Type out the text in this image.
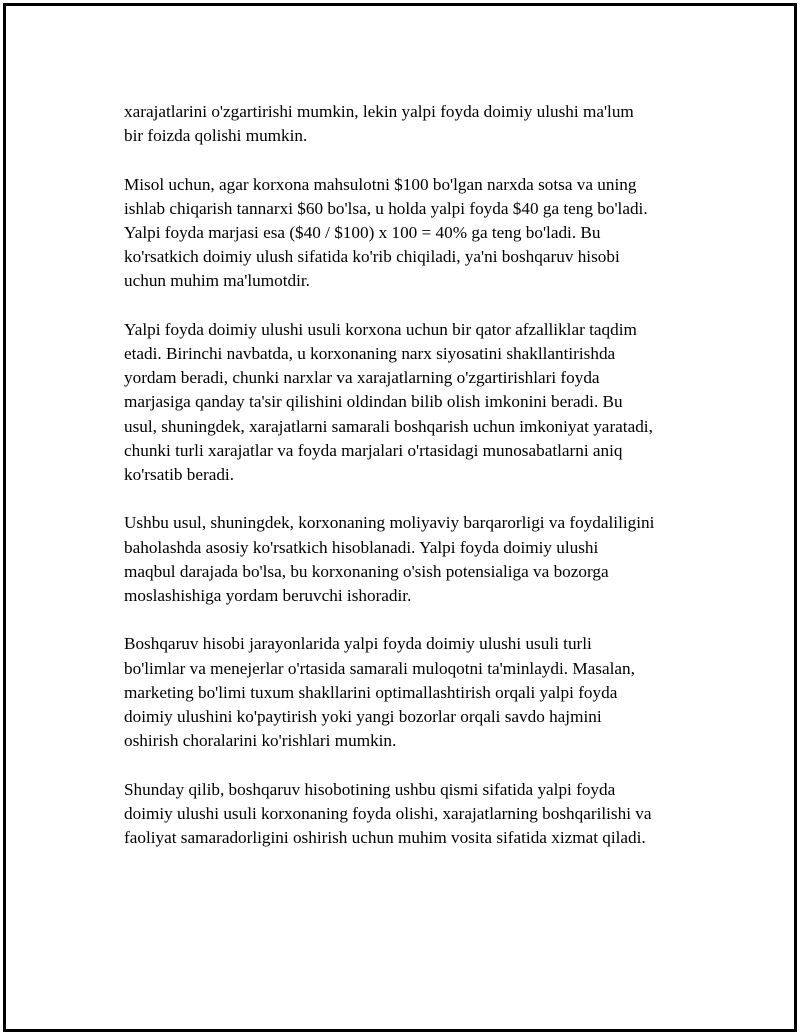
xarajatlarini o'zgartirishi mumkin, lekin yalpi foyda doimiy ulushi ma'lum
bir foizda qolishi mumkin.

Misol uchun, agar korxona mahsulotni $100 bo'lgan narxda sotsa va uning
ishlab chiqarish tannarxi $60 bo'lsa, u holda yalpi foyda $40 ga teng bo'ladi.
Yalpi foyda marjasi esa ($40 / $100) x 100 = 40% ga teng bo'ladi. Bu
ko'rsatkich doimiy ulush sifatida ko'rib chiqiladi, ya'ni boshqaruv hisobi
uchun muhim ma'lumotdir.

Yalpi foyda doimiy ulushi usuli korxona uchun bir qator afzalliklar taqdim
etadi. Birinchi navbatda, u korxonaning narx siyosatini shakllantirishda
yordam beradi, chunki narxlar va xarajatlarning o'zgartirishlari foyda
marjasiga qanday ta'sir qilishini oldindan bilib olish imkonini beradi. Bu
usul, shuningdek, xarajatlarni samarali boshqarish uchun imkoniyat yaratadi,
chunki turli xarajatlar va foyda marjalari o'rtasidagi munosabatlarni aniq
ko'rsatib beradi.

Ushbu usul, shuningdek, korxonaning moliyaviy barqarorligi va foydaliligini
baholashda asosiy ko'rsatkich hisoblanadi. Yalpi foyda doimiy ulushi
maqbul darajada bo'lsa, bu korxonaning o'sish potensialiga va bozorga
moslashishiga yordam beruvchi ishoradir.

Boshqaruv hisobi jarayonlarida yalpi foyda doimiy ulushi usuli turli
bo'limlar va menejerlar o'rtasida samarali muloqotni ta'minlaydi. Masalan,
marketing bo'limi tuxum shakllarini optimallashtirish orqali yalpi foyda
doimiy ulushini ko'paytirish yoki yangi bozorlar orqali savdo hajmini
oshirish choralarini ko'rishlari mumkin.

Shunday qilib, boshqaruv hisobotining ushbu qismi sifatida yalpi foyda
doimiy ulushi usuli korxonaning foyda olishi, xarajatlarning boshqarilishi va
faoliyat samaradorligini oshirish uchun muhim vosita sifatida xizmat qiladi.
